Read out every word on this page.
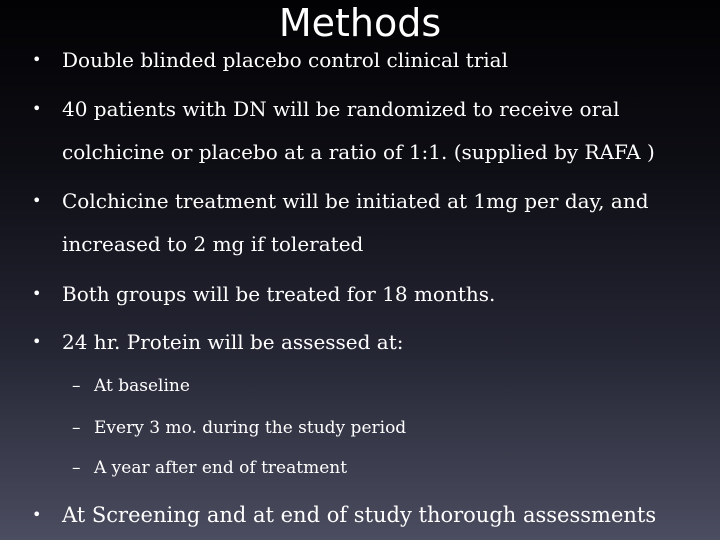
Methods
• Double blinded placebo control clinical trial
• 40 patients with DN will be randomized to receive oral
colchicine or placebo at a ratio of 1:1. (supplied by RAFA )
• Colchicine treatment will be initiated at 1mg per day, and
increased to 2 mg if tolerated
• Both groups will be treated for 18 months.
• 24 hr. Protein will be assessed at:
– At baseline
– Every 3 mo. during the study period
– A year after end of treatment
• At Screening and at end of study thorough assessments
